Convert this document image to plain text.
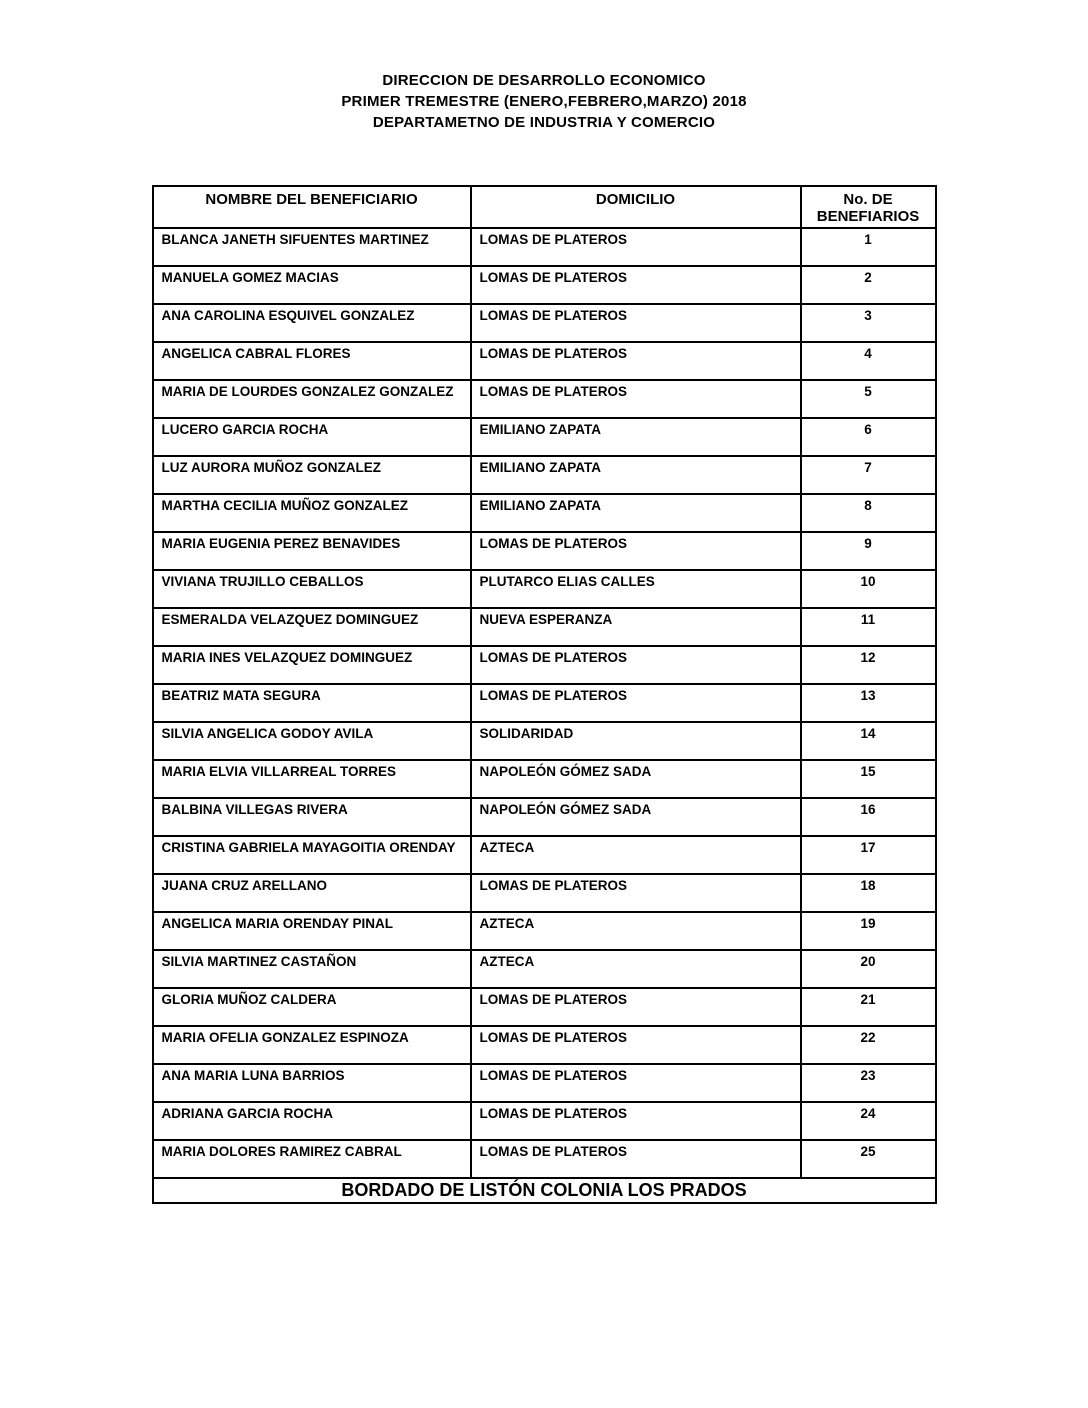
DIRECCION DE DESARROLLO ECONOMICO
PRIMER TREMESTRE (ENERO,FEBRERO,MARZO) 2018
DEPARTAMETNO DE INDUSTRIA Y COMERCIO
NOMBRE DEL BENEFICIARIO	DOMICILIO	No. DE BENEFIARIOS
BLANCA JANETH SIFUENTES MARTINEZ	LOMAS DE PLATEROS	1
MANUELA GOMEZ MACIAS	LOMAS DE PLATEROS	2
ANA CAROLINA ESQUIVEL GONZALEZ	LOMAS DE PLATEROS	3
ANGELICA CABRAL FLORES	LOMAS DE PLATEROS	4
MARIA DE LOURDES GONZALEZ GONZALEZ	LOMAS DE PLATEROS	5
LUCERO GARCIA ROCHA	EMILIANO ZAPATA	6
LUZ AURORA MUÑOZ GONZALEZ	EMILIANO ZAPATA	7
MARTHA CECILIA MUÑOZ GONZALEZ	EMILIANO ZAPATA	8
MARIA EUGENIA PEREZ BENAVIDES	LOMAS DE PLATEROS	9
VIVIANA TRUJILLO CEBALLOS	PLUTARCO ELIAS CALLES	10
ESMERALDA VELAZQUEZ DOMINGUEZ	NUEVA ESPERANZA	11
MARIA INES VELAZQUEZ DOMINGUEZ	LOMAS DE PLATEROS	12
BEATRIZ MATA SEGURA	LOMAS DE PLATEROS	13
SILVIA ANGELICA GODOY AVILA	SOLIDARIDAD	14
MARIA ELVIA VILLARREAL TORRES	NAPOLEÓN GÓMEZ SADA	15
BALBINA VILLEGAS RIVERA	NAPOLEÓN GÓMEZ SADA	16
CRISTINA GABRIELA MAYAGOITIA ORENDAY	AZTECA	17
JUANA CRUZ ARELLANO	LOMAS DE PLATEROS	18
ANGELICA MARIA ORENDAY PINAL	AZTECA	19
SILVIA MARTINEZ CASTAÑON	AZTECA	20
GLORIA MUÑOZ CALDERA	LOMAS DE PLATEROS	21
MARIA OFELIA GONZALEZ ESPINOZA	LOMAS DE PLATEROS	22
ANA MARIA LUNA BARRIOS	LOMAS DE PLATEROS	23
ADRIANA GARCIA ROCHA	LOMAS DE PLATEROS	24
MARIA DOLORES RAMIREZ CABRAL	LOMAS DE PLATEROS	25
BORDADO DE LISTÓN COLONIA LOS PRADOS		
